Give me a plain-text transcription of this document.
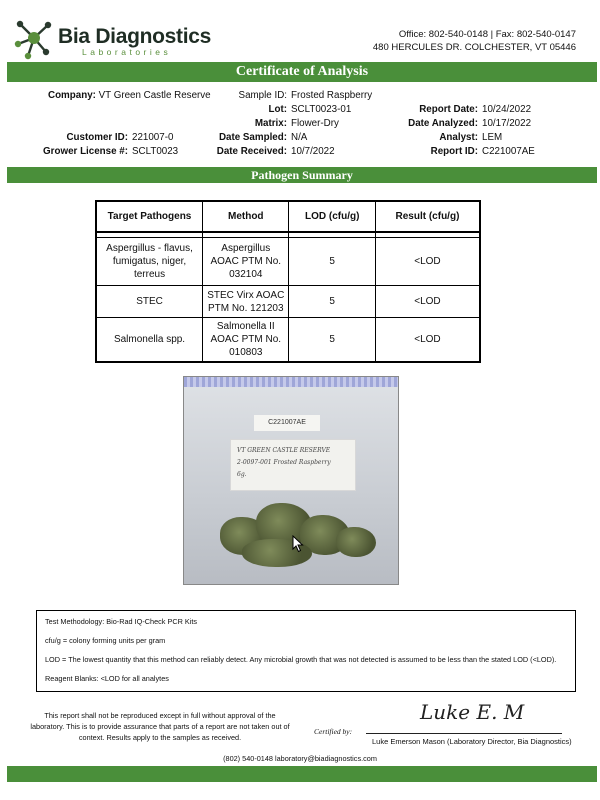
Bia Diagnostics
Laboratories
Office: 802-540-0148 | Fax: 802-540-0147
480 HERCULES DR. COLCHESTER, VT 05446
Certificate of Analysis
Company: VT Green Castle Reserve	Sample ID: Frosted Raspberry
Lot: SCLT0023-01
Matrix: Flower-Dry
Date Sampled: N/A
Date Received: 10/7/2022
Customer ID: 221007-0
Grower License #: SCLT0023
Report Date: 10/24/2022
Date Analyzed: 10/17/2022
Analyst: LEM
Report ID: C221007AE
Pathogen Summary
Target Pathogens	Method	LOD (cfu/g)	Result (cfu/g)

Aspergillus - flavus, fumigatus, niger, terreus	Aspergillus AOAC PTM No. 032104	5	<LOD
STEC	STEC Virx AOAC PTM No. 121203	5	<LOD
Salmonella spp.	Salmonella II AOAC PTM No. 010803	5	<LOD
C221007AE
VT GREEN CASTLE RESERVE
2-0097-001 Frosted Raspberry
6g.
Test Methodology: Bio-Rad IQ-Check PCR Kits
cfu/g = colony forming units per gram
LOD = The lowest quantity that this method can reliably detect. Any microbial growth that was not detected is assumed to be less than the stated LOD (<LOD).
Reagent Blanks: <LOD for all analytes
This report shall not be reproduced except in full without approval of the laboratory. This is to provide assurance that parts of a report are not taken out of context. Results apply to the samples as received.
Certified by:
Luke E. M
Luke Emerson Mason (Laboratory Director, Bia Diagnostics)
(802) 540-0148 laboratory@biadiagnostics.com
